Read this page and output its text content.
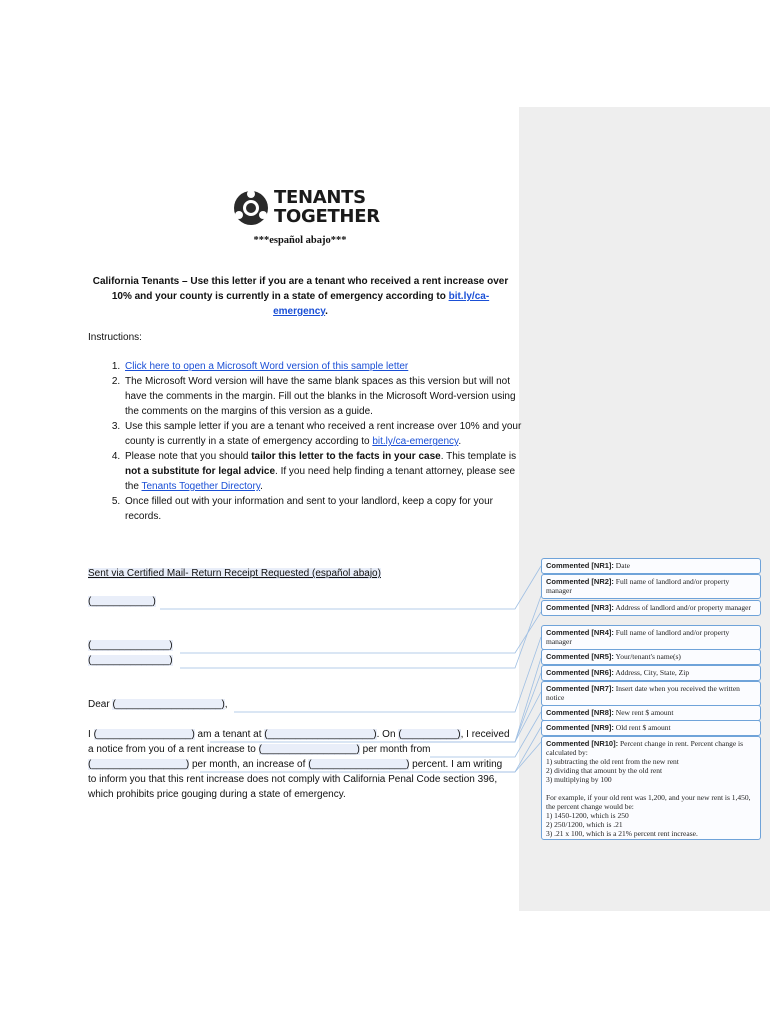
TENANTS
TOGETHER
***español abajo***
California Tenants – Use this letter if you are a tenant who received a rent increase over 10% and your county is currently in a state of emergency according to bit.ly/ca-emergency.
Instructions:
1. Click here to open a Microsoft Word version of this sample letter
2. The Microsoft Word version will have the same blank spaces as this version but will not have the comments in the margin. Fill out the blanks in the Microsoft Word-version using the comments on the margins of this version as a guide.
3. Use this sample letter if you are a tenant who received a rent increase over 10% and your county is currently in a state of emergency according to bit.ly/ca-emergency.
4. Please note that you should tailor this letter to the facts in your case. This template is not a substitute for legal advice. If you need help finding a tenant attorney, please see the Tenants Together Directory.
5. Once filled out with your information and sent to your landlord, keep a copy for your records.
Sent via Certified Mail- Return Receipt Requested (español abajo)
(___________)
(______________)
(______________)
Dear (___________________),
I (_________________) am a tenant at (___________________). On (__________), I received a notice from you of a rent increase to (_________________) per month from (_________________) per month, an increase of (_________________) percent. I am writing to inform you that this rent increase does not comply with California Penal Code section 396, which prohibits price gouging during a state of emergency.
Commented [NR1]: Date
Commented [NR2]: Full name of landlord and/or property manager
Commented [NR3]: Address of landlord and/or property manager
Commented [NR4]: Full name of landlord and/or property manager
Commented [NR5]: Your/tenant's name(s)
Commented [NR6]: Address, City, State, Zip
Commented [NR7]: Insert date when you received the written notice
Commented [NR8]: New rent $ amount
Commented [NR9]: Old rent $ amount
Commented [NR10]: Percent change in rent. Percent change is calculated by:
1) subtracting the old rent from the new rent
2) dividing that amount by the old rent
3) multiplying by 100
For example, if your old rent was 1,200, and your new rent is 1,450, the percent change would be:
1) 1450-1200, which is 250
2) 250/1200, which is .21
3) .21 x 100, which is a 21% percent rent increase.
